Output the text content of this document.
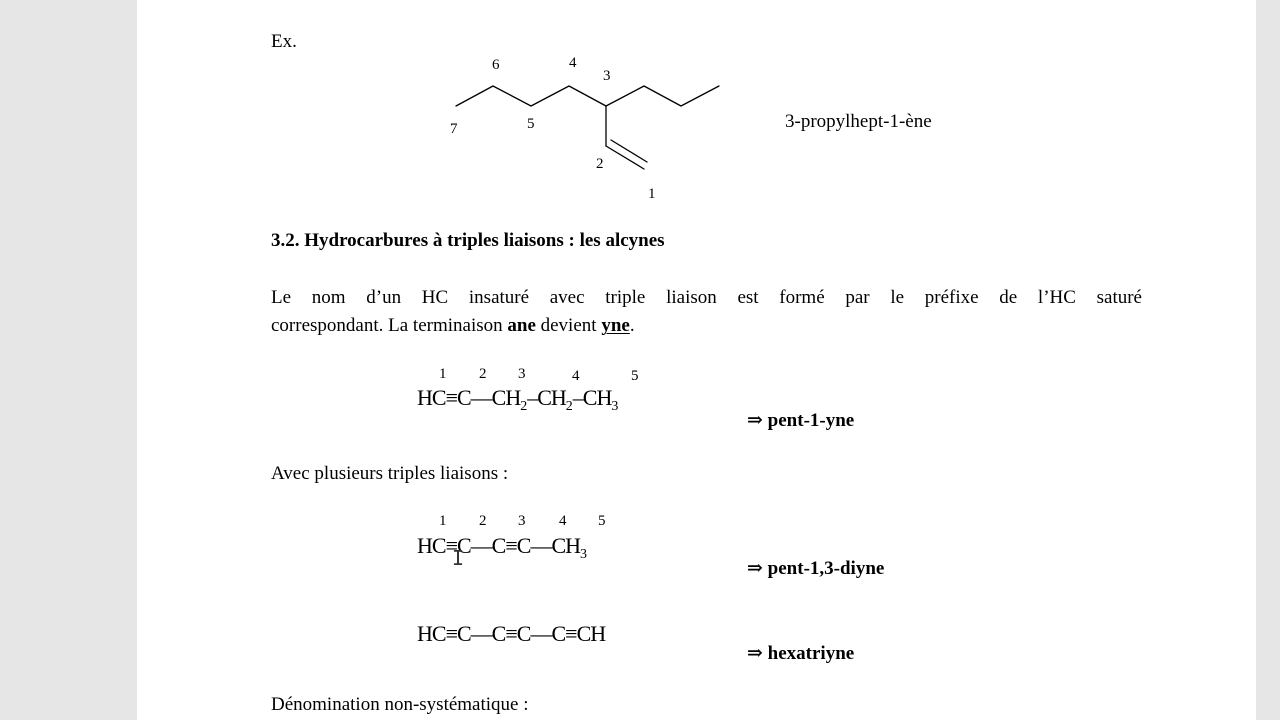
Ex.
7
6
5
4
3
2
1
3-propylhept-1-ène
3.2. Hydrocarbures à triples liaisons : les alcynes
Le nom d’un HC insaturé avec triple liaison est formé par le préfixe de l’HC saturé
correspondant. La terminaison ane devient yne.
1 2 3	4	5
$HC\equiv C—CH_2-CH_2-CH_3$
⇒ pent-1-yne
Avec plusieurs triples liaisons :
1 2 3 4 5
$HC\equiv C—C\equiv C—CH_3$
⇒ pent-1,3-diyne
I
HC≡C—C≡C—C≡CH
⇒ hexatriyne
Dénomination non-systématique :
